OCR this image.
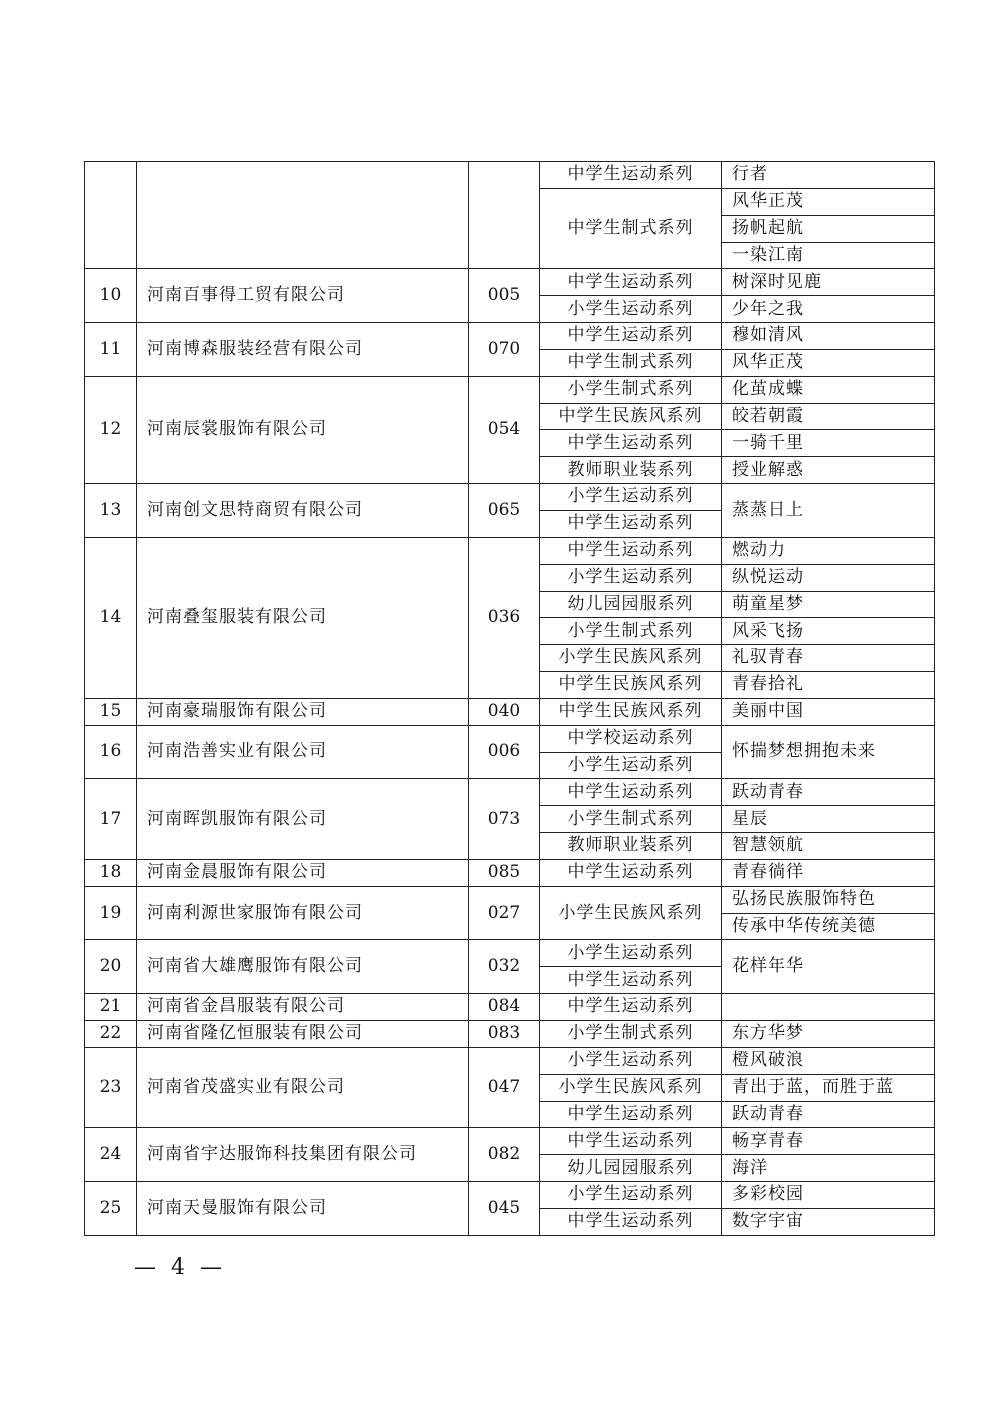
			中学生运动系列	行者
			中学生制式系列	风华正茂
				扬帆起航
				一染江南
10	河南百事得工贸有限公司	005	中学生运动系列	树深时见鹿
			小学生运动系列	少年之我
11	河南博森服装经营有限公司	070	中学生运动系列	穆如清风
			中学生制式系列	风华正茂
12	河南辰裳服饰有限公司	054	小学生制式系列	化茧成蝶
			中学生民族风系列	皎若朝霞
			中学生运动系列	一骑千里
			教师职业装系列	授业解惑
13	河南创文思特商贸有限公司	065	小学生运动系列	蒸蒸日上
			中学生运动系列	
14	河南叠玺服装有限公司	036	中学生运动系列	燃动力
			小学生运动系列	纵悦运动
			幼儿园园服系列	萌童星梦
			小学生制式系列	风采飞扬
			小学生民族风系列	礼驭青春
			中学生民族风系列	青春拾礼
15	河南豪瑞服饰有限公司	040	中学生民族风系列	美丽中国
16	河南浩善实业有限公司	006	中学校运动系列	怀揣梦想拥抱未来
			小学生运动系列	
17	河南晖凯服饰有限公司	073	中学生运动系列	跃动青春
			小学生制式系列	星辰
			教师职业装系列	智慧领航
18	河南金晨服饰有限公司	085	中学生运动系列	青春徜徉
19	河南利源世家服饰有限公司	027	小学生民族风系列	弘扬民族服饰特色
				传承中华传统美德
20	河南省大雄鹰服饰有限公司	032	小学生运动系列	花样年华
			中学生运动系列	
21	河南省金昌服装有限公司	084	中学生运动系列	
22	河南省隆亿恒服装有限公司	083	小学生制式系列	东方华梦
23	河南省茂盛实业有限公司	047	小学生运动系列	橙风破浪
			小学生民族风系列	青出于蓝，而胜于蓝
			中学生运动系列	跃动青春
24	河南省宇达服饰科技集团有限公司	082	中学生运动系列	畅享青春
			幼儿园园服系列	海洋
25	河南天曼服饰有限公司	045	小学生运动系列	多彩校园
			中学生运动系列	数字宇宙
— 4 —
